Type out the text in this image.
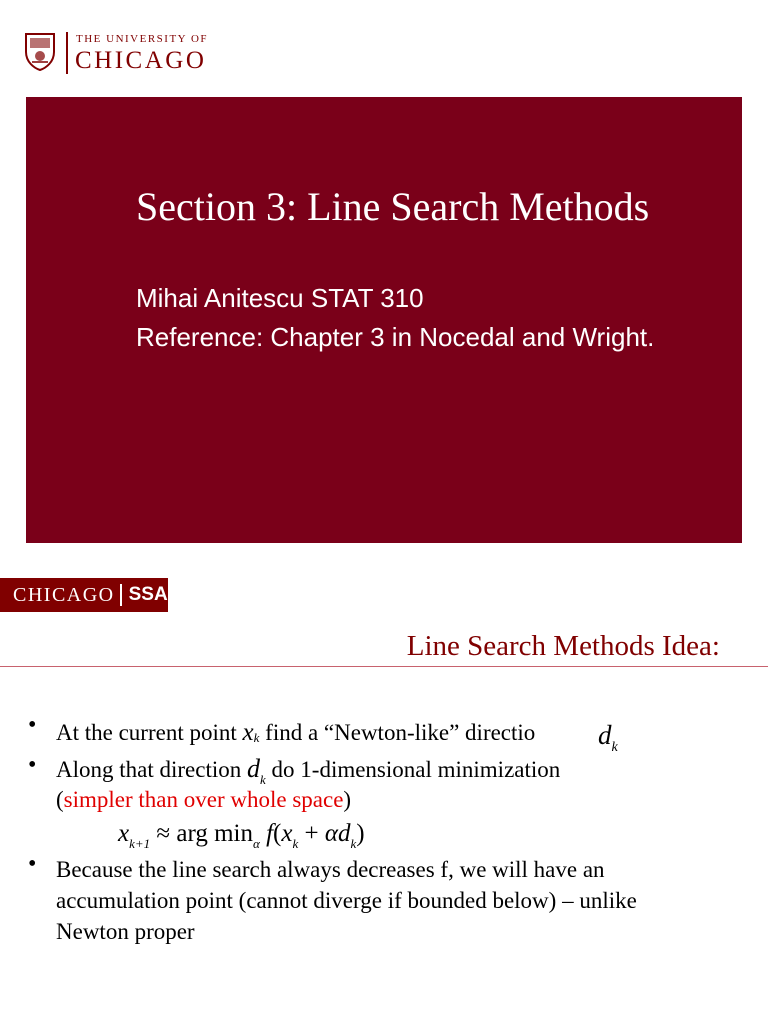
THE UNIVERSITY OF
CHICAGO
Section 3: Line Search Methods
Mihai Anitescu STAT 310
Reference: Chapter 3 in Nocedal and Wright.
CHICAGO SSA
Line Search Methods Idea:
• At the current point xk find a “Newton-like” directio $d_k$
• Along that direction $d_k$ do 1-dimensional minimization
(simpler than over whole space)
$x_{k+1}$ ≈ arg $\min_\alpha f(x_k + \alpha d_k)$
• Because the line search always decreases f, we will have an
accumulation point (cannot diverge if bounded below) – unlike
Newton proper
